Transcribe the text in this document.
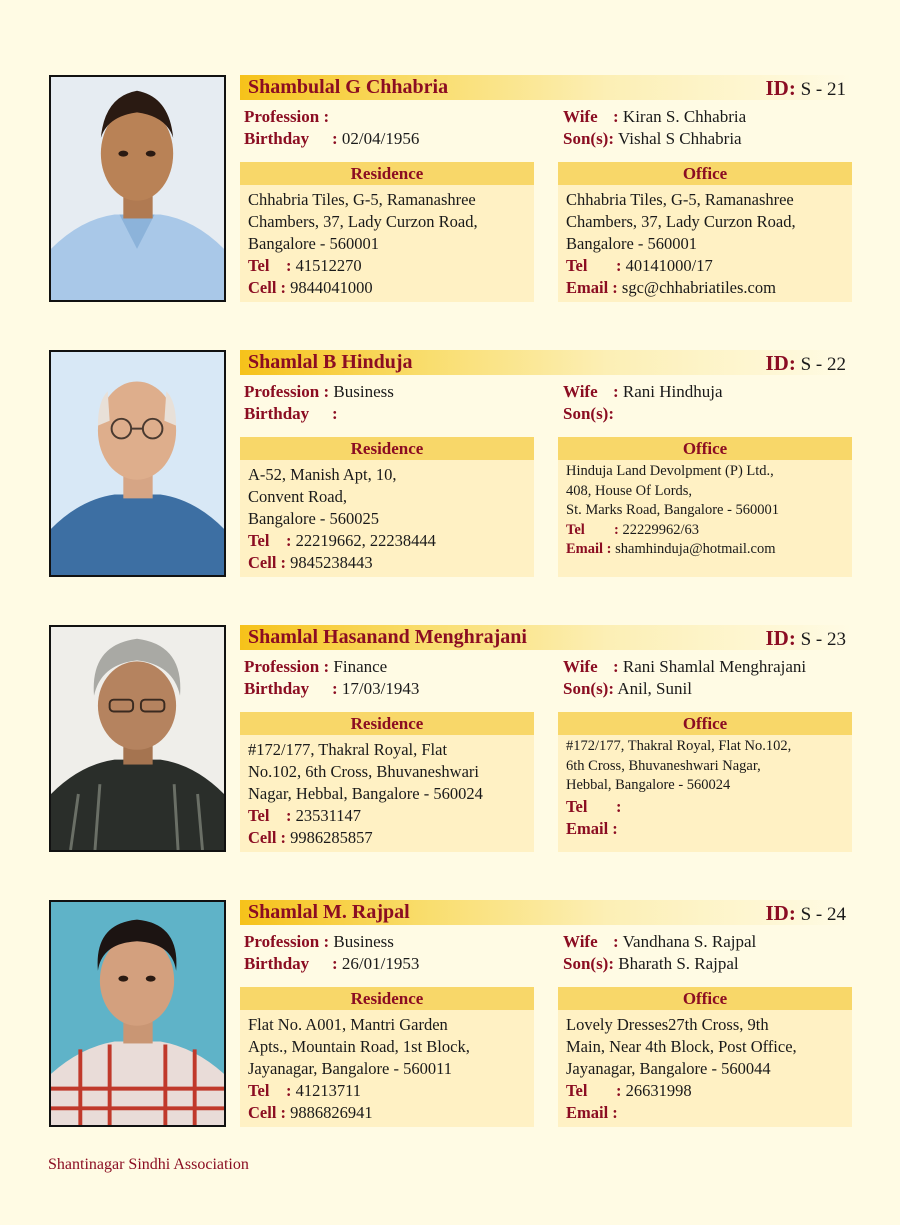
Shambulal G Chhabria	ID: S - 21
Profession :
Birthday : 02/04/1956
Wife : Kiran S. Chhabria
Son(s): Vishal S Chhabria
Residence
Chhabria Tiles, G-5, Ramanashree
Chambers, 37, Lady Curzon Road,
Bangalore - 560001
Tel : 41512270
Cell : 9844041000
Office
Chhabria Tiles, G-5, Ramanashree
Chambers, 37, Lady Curzon Road,
Bangalore - 560001
Tel : 40141000/17
Email : sgc@chhabriatiles.com
Shamlal B Hinduja	ID: S - 22
Profession : Business
Birthday :
Wife : Rani Hindhuja
Son(s):
Residence
A-52, Manish Apt, 10,
Convent Road,
Bangalore - 560025
Tel : 22219662, 22238444
Cell : 9845238443
Office
Hinduja Land Devolpment (P) Ltd.,
408, House Of Lords,
St. Marks Road, Bangalore - 560001
Tel : 22229962/63
Email : shamhinduja@hotmail.com
Shamlal Hasanand Menghrajani	ID: S - 23
Profession : Finance
Birthday : 17/03/1943
Wife : Rani Shamlal Menghrajani
Son(s): Anil, Sunil
Residence
#172/177, Thakral Royal, Flat
No.102, 6th Cross, Bhuvaneshwari
Nagar, Hebbal, Bangalore - 560024
Tel : 23531147
Cell : 9986285857
Office
#172/177, Thakral Royal, Flat No.102,
6th Cross, Bhuvaneshwari Nagar,
Hebbal, Bangalore - 560024
Tel :
Email :
Shamlal M. Rajpal	ID: S - 24
Profession : Business
Birthday : 26/01/1953
Wife : Vandhana S. Rajpal
Son(s): Bharath S. Rajpal
Residence
Flat No. A001, Mantri Garden
Apts., Mountain Road, 1st Block,
Jayanagar, Bangalore - 560011
Tel : 41213711
Cell : 9886826941
Office
Lovely Dresses27th Cross, 9th
Main, Near 4th Block, Post Office,
Jayanagar, Bangalore - 560044
Tel : 26631998
Email :
Shantinagar Sindhi Association
